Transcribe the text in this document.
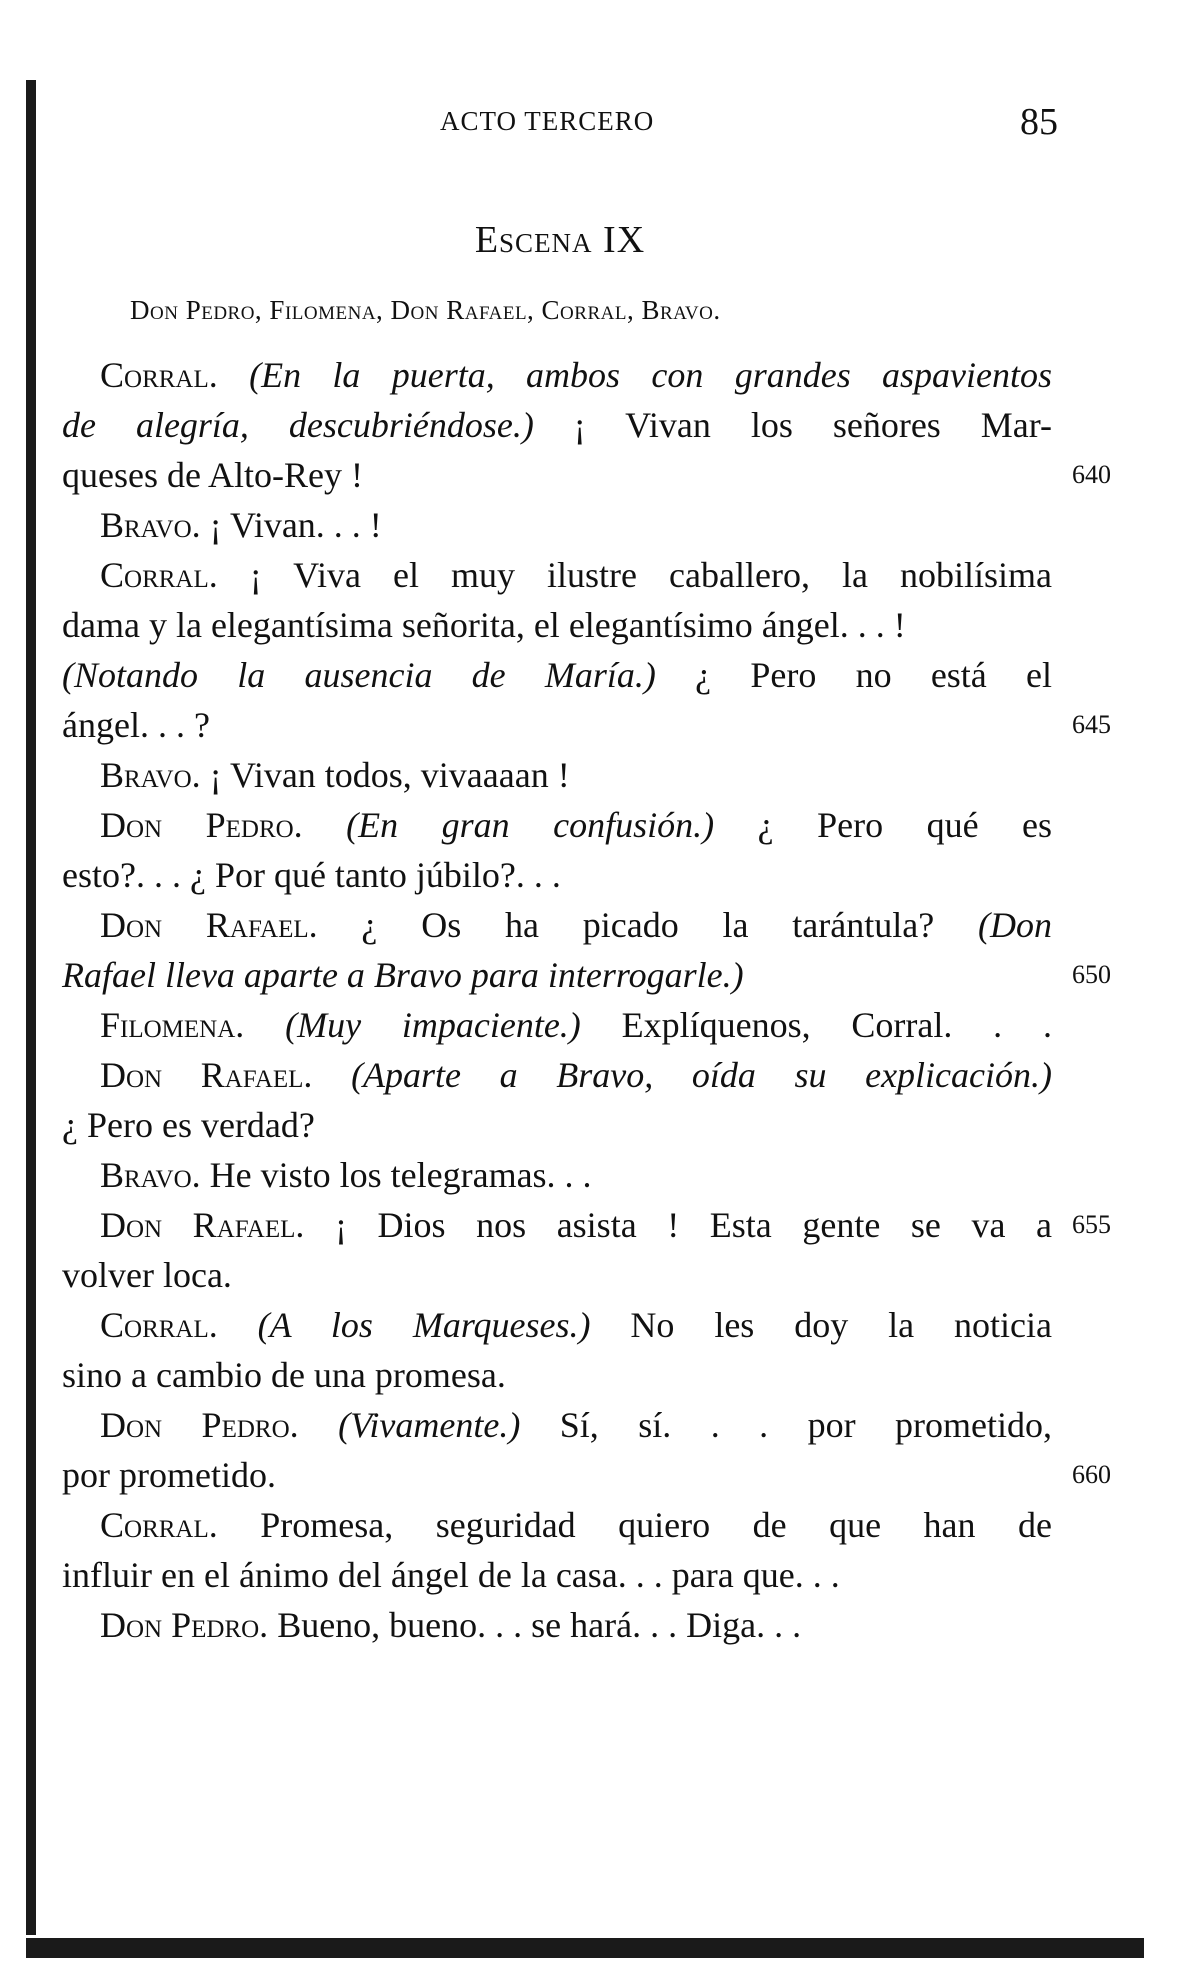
ACTO TERCERO	85
Escena IX
Don Pedro, Filomena, Don Rafael, Corral, Bravo.
Corral. (En la puerta, ambos con grandes aspavientos
de alegría, descubriéndose.) ¡ Vivan los señores Mar-
queses de Alto-Rey !	640
Bravo. ¡ Vivan. . . !
Corral. ¡ Viva el muy ilustre caballero, la nobilísima
dama y la elegantísima señorita, el elegantísimo ángel. . . !
(Notando la ausencia de María.) ¿ Pero no está el
ángel. . . ?	645
Bravo. ¡ Vivan todos, vivaaaan !
Don Pedro. (En gran confusión.) ¿ Pero qué es
esto?. . . ¿ Por qué tanto júbilo?. . .
Don Rafael. ¿ Os ha picado la tarántula? (Don
Rafael lleva aparte a Bravo para interrogarle.)	650
Filomena. (Muy impaciente.) Explíquenos, Corral. . .
Don Rafael. (Aparte a Bravo, oída su explicación.)
¿ Pero es verdad?
Bravo. He visto los telegramas. . .
Don Rafael. ¡ Dios nos asista ! Esta gente se va a 655
volver loca.
Corral. (A los Marqueses.) No les doy la noticia
sino a cambio de una promesa.
Don Pedro. (Vivamente.) Sí, sí. . . por prometido,
por prometido.	660
Corral. Promesa, seguridad quiero de que han de
influir en el ánimo del ángel de la casa. . . para que. . .
Don Pedro. Bueno, bueno. . . se hará. . . Diga. . .
